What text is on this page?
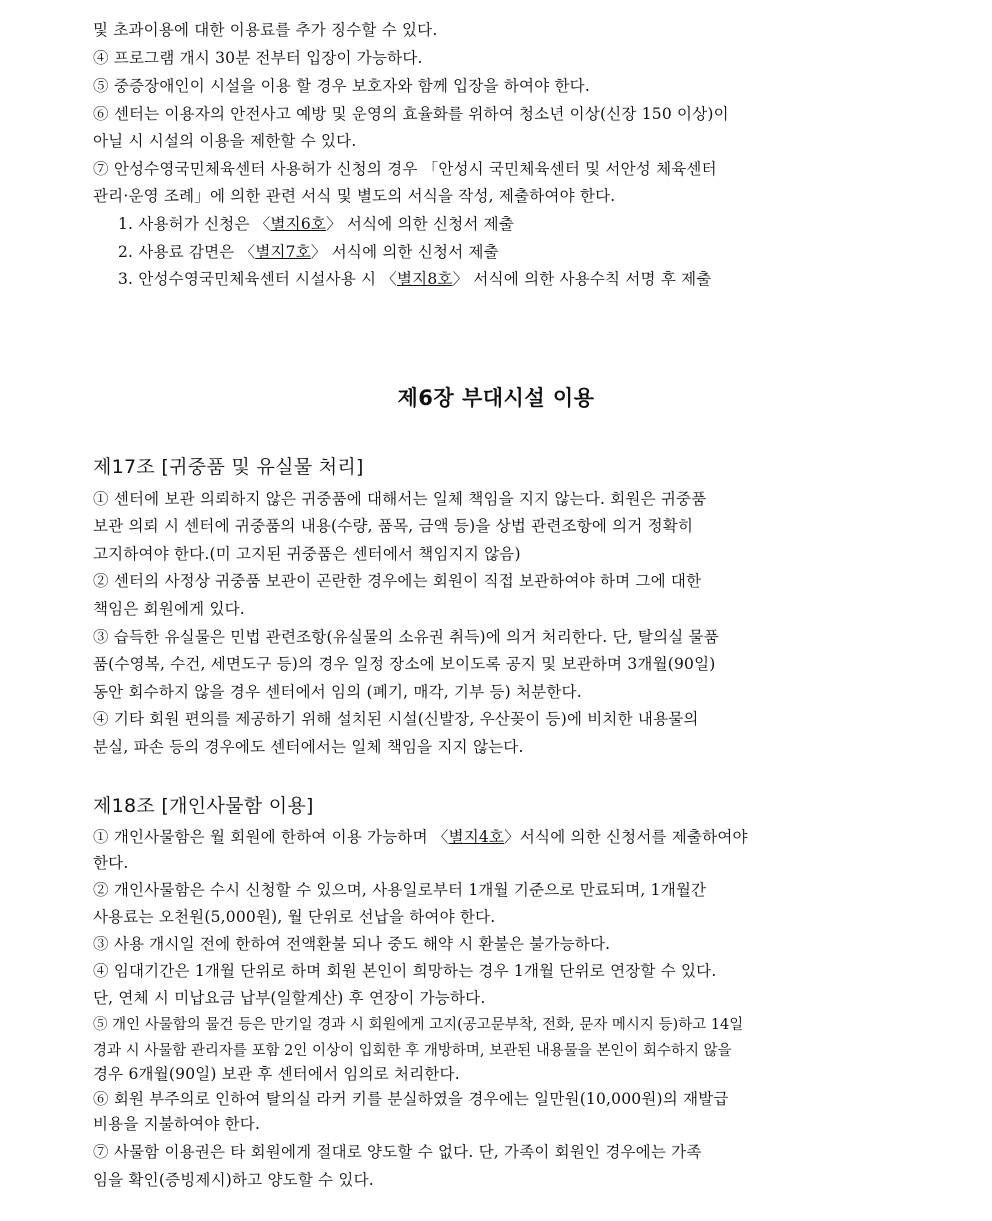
및 초과이용에 대한 이용료를 추가 징수할 수 있다.
④ 프로그램 개시 30분 전부터 입장이 가능하다.
⑤ 중증장애인이 시설을 이용 할 경우 보호자와 함께 입장을 하여야 한다.
⑥ 센터는 이용자의 안전사고 예방 및 운영의 효율화를 위하여 청소년 이상(신장 150 이상)이
아닐 시 시설의 이용을 제한할 수 있다.
⑦ 안성수영국민체육센터 사용허가 신청의 경우 「안성시 국민체육센터 및 서안성 체육센터
관리·운영 조례」에 의한 관련 서식 및 별도의 서식을 작성, 제출하여야 한다.
1. 사용허가 신청은 〈별지6호〉 서식에 의한 신청서 제출
2. 사용료 감면은 〈별지7호〉 서식에 의한 신청서 제출
3. 안성수영국민체육센터 시설사용 시 〈별지8호〉 서식에 의한 사용수칙 서명 후 제출
제6장 부대시설 이용
제17조 [귀중품 및 유실물 처리]
① 센터에 보관 의뢰하지 않은 귀중품에 대해서는 일체 책임을 지지 않는다. 회원은 귀중품
보관 의뢰 시 센터에 귀중품의 내용(수량, 품목, 금액 등)을 상법 관련조항에 의거 정확히
고지하여야 한다.(미 고지된 귀중품은 센터에서 책임지지 않음)
② 센터의 사정상 귀중품 보관이 곤란한 경우에는 회원이 직접 보관하여야 하며 그에 대한
책임은 회원에게 있다.
③ 습득한 유실물은 민법 관련조항(유실물의 소유권 취득)에 의거 처리한다. 단, 탈의실 물품
품(수영복, 수건, 세면도구 등)의 경우 일정 장소에 보이도록 공지 및 보관하며 3개월(90일)
동안 회수하지 않을 경우 센터에서 임의 (폐기, 매각, 기부 등) 처분한다.
④ 기타 회원 편의를 제공하기 위해 설치된 시설(신발장, 우산꽂이 등)에 비치한 내용물의
분실, 파손 등의 경우에도 센터에서는 일체 책임을 지지 않는다.
제18조 [개인사물함 이용]
① 개인사물함은 월 회원에 한하여 이용 가능하며 〈별지4호〉서식에 의한 신청서를 제출하여야
한다.
② 개인사물함은 수시 신청할 수 있으며, 사용일로부터 1개월 기준으로 만료되며, 1개월간
사용료는 오천원(5,000원), 월 단위로 선납을 하여야 한다.
③ 사용 개시일 전에 한하여 전액환불 되나 중도 해약 시 환불은 불가능하다.
④ 임대기간은 1개월 단위로 하며 회원 본인이 희망하는 경우 1개월 단위로 연장할 수 있다.
단, 연체 시 미납요금 납부(일할계산) 후 연장이 가능하다.
⑤ 개인 사물함의 물건 등은 만기일 경과 시 회원에게 고지(공고문부착, 전화, 문자 메시지 등)하고 14일
경과 시 사물함 관리자를 포함 2인 이상이 입회한 후 개방하며, 보관된 내용물을 본인이 회수하지 않을
경우 6개월(90일) 보관 후 센터에서 임의로 처리한다.
⑥ 회원 부주의로 인하여 탈의실 라커 키를 분실하였을 경우에는 일만원(10,000원)의 재발급
비용을 지불하여야 한다.
⑦ 사물함 이용권은 타 회원에게 절대로 양도할 수 없다. 단, 가족이 회원인 경우에는 가족
임을 확인(증빙제시)하고 양도할 수 있다.
